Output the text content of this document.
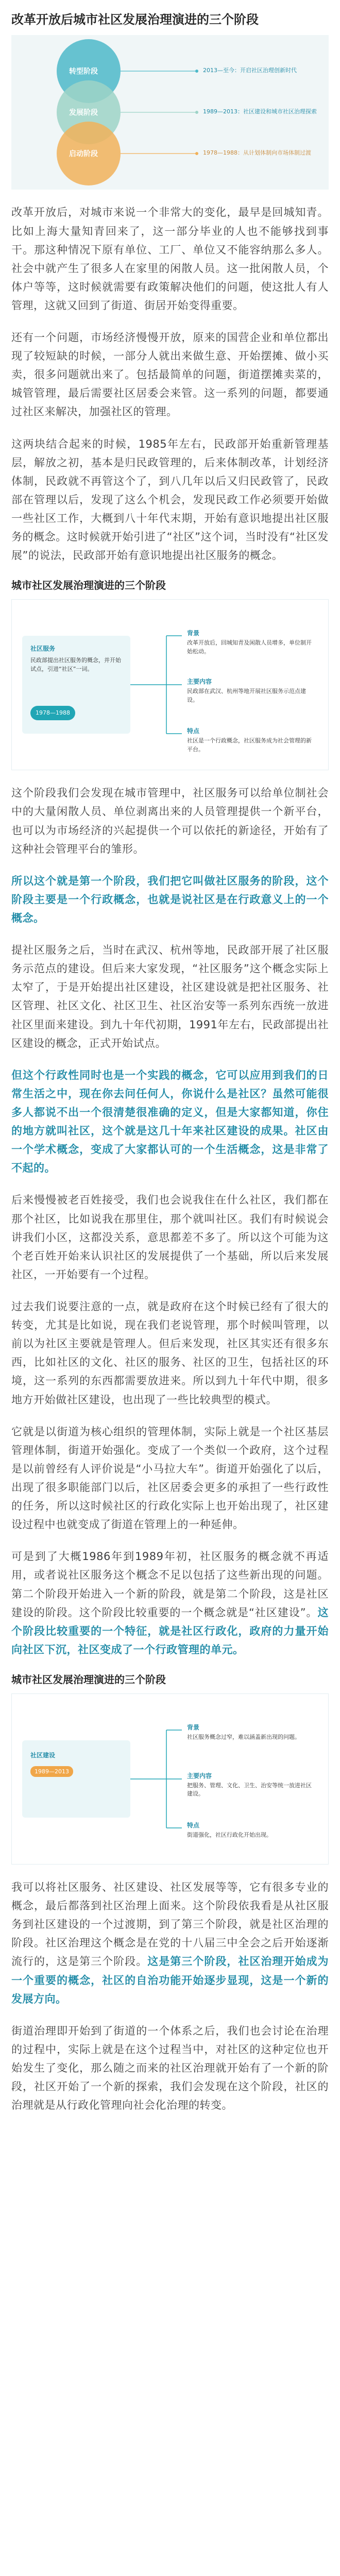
改革开放后城市社区发展治理演进的三个阶段
转型阶段
发展阶段
启动阶段
2013—至今：开启社区治理创新时代
1989—2013：社区建设和城市社区治理探索
1978—1988：从计划体制向市场体制过渡

改革开放后，对城市来说一个非常大的变化，最早是回城知青。比如上海大量知青回来了，这一部分毕业的人也不能够找到事干。那这种情况下原有单位、工厂、单位又不能容纳那么多人。社会中就产生了很多人在家里的闲散人员。这一批闲散人员，个体户等等，这时候就需要有政策解决他们的问题，使这批人有人管理，这就又回到了街道、街居开始变得重要。

还有一个问题，市场经济慢慢开放，原来的国营企业和单位都出现了较短缺的时候，一部分人就出来做生意、开始摆摊、做小买卖，很多问题就出来了。包括最简单的问题，街道摆摊卖菜的，城管管理，最后需要社区居委会来管。这一系列的问题，都要通过社区来解决，加强社区的管理。

这两块结合起来的时候，1985年左右，民政部开始重新管理基层，解放之初，基本是归民政管理的，后来体制改革，计划经济体制，民政就不再管这个了，到八几年以后又归民政管了，民政部在管理以后，发现了这么个机会，发现民政工作必须要开始做一些社区工作，大概到八十年代末期，开始有意识地提出社区服务的概念。这时候就开始引进了“社区”这个词，当时没有“社区发展”的说法，民政部开始有意识地提出社区服务的概念。

城市社区发展治理演进的三个阶段
社区服务
民政部提出社区服务的概念，并开始试点，引进“社区”一词。
1978—1988
背景
改革开放后，回城知青及闲散人员增多，单位制开始松动。
主要内容
民政部在武汉、杭州等地开展社区服务示范点建设。
特点
社区是一个行政概念，社区服务成为社会管理的新平台。

这个阶段我们会发现在城市管理中，社区服务可以给单位制社会中的大量闲散人员、单位剥离出来的人员管理提供一个新平台，也可以为市场经济的兴起提供一个可以依托的新途径，开始有了这种社会管理平台的雏形。

所以这个就是第一个阶段，我们把它叫做社区服务的阶段，这个阶段主要是一个行政概念，也就是说社区是在行政意义上的一个概念。

提社区服务之后，当时在武汉、杭州等地，民政部开展了社区服务示范点的建设。但后来大家发现，“社区服务”这个概念实际上太窄了，于是开始提出社区建设，社区建设就是把社区服务、社区管理、社区文化、社区卫生、社区治安等一系列东西统一放进社区里面来建设。到九十年代初期，1991年左右，民政部提出社区建设的概念，正式开始试点。

但这个行政性同时也是一个实践的概念，它可以应用到我们的日常生活之中，现在你去问任何人，你说什么是社区？虽然可能很多人都说不出一个很清楚很准确的定义，但是大家都知道，你住的地方就叫社区，这个就是这几十年来社区建设的成果。社区由一个学术概念，变成了大家都认可的一个生活概念，这是非常了不起的。

后来慢慢被老百姓接受，我们也会说我住在什么社区，我们都在那个社区，比如说我在那里住，那个就叫社区。我们有时候说会讲我们小区，这都没关系，意思都差不多了。所以这个可能为这个老百姓开始来认识社区的发展提供了一个基础，所以后来发展社区，一开始要有一个过程。

过去我们说要注意的一点，就是政府在这个时候已经有了很大的转变，尤其是比如说，现在我们老说管理，那个时候叫管理，以前以为社区主要就是管理人。但后来发现，社区其实还有很多东西，比如社区的文化、社区的服务、社区的卫生，包括社区的环境，这一系列的东西都需要放进来。所以到九十年代中期，很多地方开始做社区建设，也出现了一些比较典型的模式。

它就是以街道为核心组织的管理体制，实际上就是一个社区基层管理体制，街道开始强化。变成了一个类似一个政府，这个过程是以前曾经有人评价说是“小马拉大车”。街道开始强化了以后，出现了很多职能部门以后，社区居委会更多的承担了一些行政性的任务，所以这时候社区的行政化实际上也开始出现了，社区建设过程中也就变成了街道在管理上的一种延伸。

可是到了大概1986年到1989年初，社区服务的概念就不再适用，或者说社区服务这个概念不足以包括了这些新出现的问题。第二个阶段开始进入一个新的阶段，就是第二个阶段，这是社区建设的阶段。这个阶段比较重要的一个概念就是“社区建设”。这个阶段比较重要的一个特征，就是社区行政化，政府的力量开始向社区下沉，社区变成了一个行政管理的单元。

城市社区发展治理演进的三个阶段
社区建设
1989—2013
背景
社区服务概念过窄，难以涵盖新出现的问题。
主要内容
把服务、管理、文化、卫生、治安等统一放进社区建设。
特点
街道强化，社区行政化开始出现。

我可以将社区服务、社区建设、社区发展等等，它有很多专业的概念，最后都落到社区治理上面来。这个阶段依我看是从社区服务到社区建设的一个过渡期，到了第三个阶段，就是社区治理的阶段。社区治理这个概念是在党的十八届三中全会之后开始逐渐流行的，这是第三个阶段。这是第三个阶段，社区治理开始成为一个重要的概念，社区的自治功能开始逐步显现，这是一个新的发展方向。

街道治理即开始到了街道的一个体系之后，我们也会讨论在治理的过程中，实际上就是在这个过程当中，对社区的这种定位也开始发生了变化，那么随之而来的社区治理就开始有了一个新的阶段，社区开始了一个新的探索，我们会发现在这个阶段，社区的治理就是从行政化管理向社会化治理的转变。
